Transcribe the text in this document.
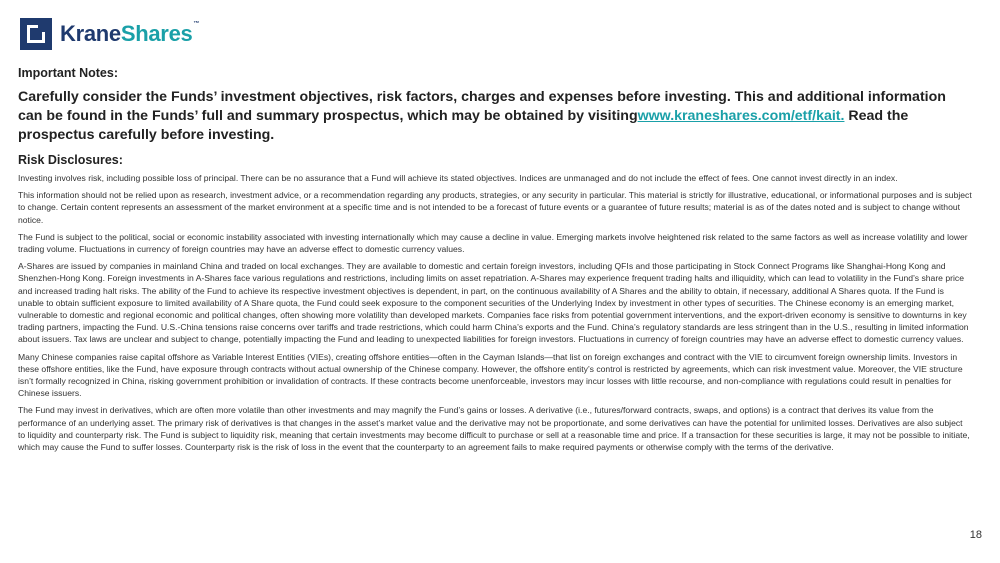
KraneShares™
Important Notes:
Carefully consider the Funds’ investment objectives, risk factors, charges and expenses before investing. This and additional information can be found in the Funds’ full and summary prospectus, which may be obtained by visitingwww.kraneshares.com/etf/kait. Read the prospectus carefully before investing.
Risk Disclosures:

Investing involves risk, including possible loss of principal. There can be no assurance that a Fund will achieve its stated objectives. Indices are unmanaged and do not include the effect of fees. One cannot invest directly in an index.

This information should not be relied upon as research, investment advice, or a recommendation regarding any products, strategies, or any security in particular. This material is strictly for illustrative, educational, or informational purposes and is subject to change. Certain content represents an assessment of the market environment at a specific time and is not intended to be a forecast of future events or a guarantee of future results; material is as of the dates noted and is subject to change without notice.

The Fund is subject to the political, social or economic instability associated with investing internationally which may cause a decline in value. Emerging markets involve heightened risk related to the same factors as well as increase volatility and lower trading volume. Fluctuations in currency of foreign countries may have an adverse effect to domestic currency values.

A-Shares are issued by companies in mainland China and traded on local exchanges. They are available to domestic and certain foreign investors, including QFIs and those participating in Stock Connect Programs like Shanghai-Hong Kong and Shenzhen-Hong Kong. Foreign investments in A-Shares face various regulations and restrictions, including limits on asset repatriation. A-Shares may experience frequent trading halts and illiquidity, which can lead to volatility in the Fund’s share price and increased trading halt risks. The ability of the Fund to achieve its respective investment objectives is dependent, in part, on the continuous availability of A Shares and the ability to obtain, if necessary, additional A Shares quota. If the Fund is unable to obtain sufficient exposure to limited availability of A Share quota, the Fund could seek exposure to the component securities of the Underlying Index by investment in other types of securities. The Chinese economy is an emerging market, vulnerable to domestic and regional economic and political changes, often showing more volatility than developed markets. Companies face risks from potential government interventions, and the export-driven economy is sensitive to downturns in key trading partners, impacting the Fund. U.S.-China tensions raise concerns over tariffs and trade restrictions, which could harm China’s exports and the Fund. China’s regulatory standards are less stringent than in the U.S., resulting in limited information about issuers. Tax laws are unclear and subject to change, potentially impacting the Fund and leading to unexpected liabilities for foreign investors. Fluctuations in currency of foreign countries may have an adverse effect to domestic currency values.

Many Chinese companies raise capital offshore as Variable Interest Entities (VIEs), creating offshore entities—often in the Cayman Islands—that list on foreign exchanges and contract with the VIE to circumvent foreign ownership limits. Investors in these offshore entities, like the Fund, have exposure through contracts without actual ownership of the Chinese company. However, the offshore entity’s control is restricted by agreements, which can risk investment value. Moreover, the VIE structure isn’t formally recognized in China, risking government prohibition or invalidation of contracts. If these contracts become unenforceable, investors may incur losses with little recourse, and non-compliance with regulations could result in penalties for Chinese issuers.

The Fund may invest in derivatives, which are often more volatile than other investments and may magnify the Fund’s gains or losses. A derivative (i.e., futures/forward contracts, swaps, and options) is a contract that derives its value from the performance of an underlying asset. The primary risk of derivatives is that changes in the asset’s market value and the derivative may not be proportionate, and some derivatives can have the potential for unlimited losses. Derivatives are also subject to liquidity and counterparty risk. The Fund is subject to liquidity risk, meaning that certain investments may become difficult to purchase or sell at a reasonable time and price. If a transaction for these securities is large, it may not be possible to initiate, which may cause the Fund to suffer losses. Counterparty risk is the risk of loss in the event that the counterparty to an agreement fails to make required payments or otherwise comply with the terms of the derivative.

18
